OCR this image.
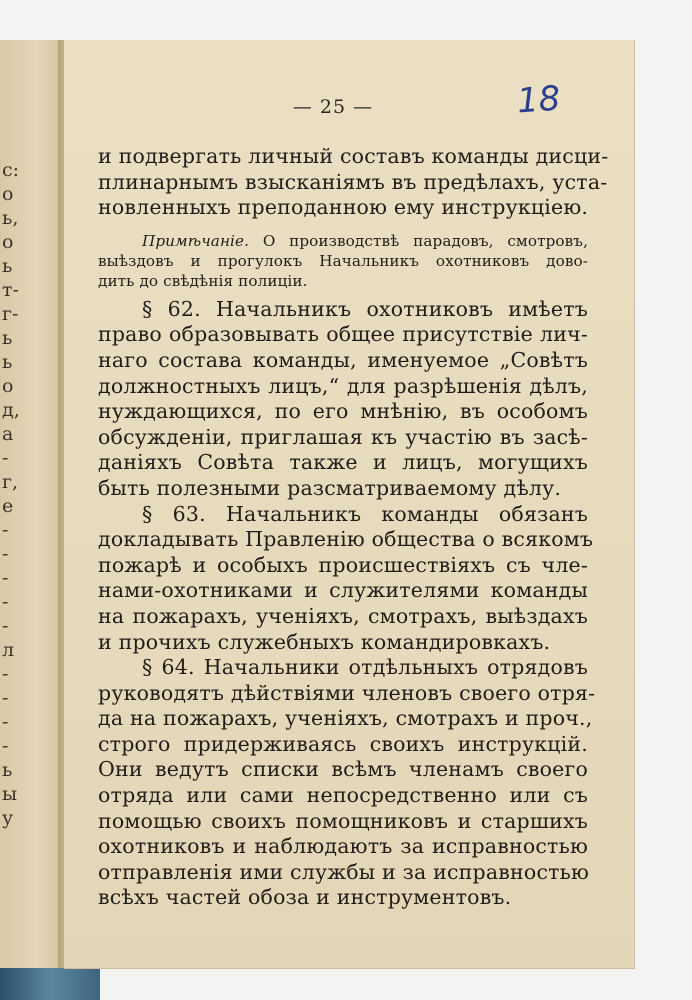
с:
о
ь,
о
ь
т-
г-
ь
ь
о
д,
а
-
г,
е
-
-
-
-
-
л
-
-
-
-
ь
ы
у
— 25 —	18
и подвергать личный составъ команды дисци-
плинарнымъ взысканiямъ въ предѣлахъ, уста-
новленныхъ преподанною ему инструкцiею.
Примѣчанiе. О производствѣ парадовъ, смотровъ,
выѣздовъ и прогулокъ Начальникъ охотниковъ дово-
дить до свѣдѣнiя полицiи.
§ 62. Начальникъ охотниковъ имѣетъ
право образовывать общее присутствiе лич-
наго состава команды, именуемое „Совѣтъ
должностныхъ лицъ,“ для разрѣшенiя дѣлъ,
нуждающихся, по его мнѣнiю, въ особомъ
обсужденiи, приглашая къ участiю въ засѣ-
данiяхъ Совѣта также и лицъ, могущихъ
быть полезными разсматриваемому дѣлу.
§ 63. Начальникъ команды обязанъ
докладывать Правленiю общества о всякомъ
пожарѣ и особыхъ происшествiяхъ съ чле-
нами-охотниками и служителями команды
на пожарахъ, ученiяхъ, смотрахъ, выѣздахъ
и прочихъ служебныхъ командировкахъ.
§ 64. Начальники отдѣльныхъ отрядовъ
руководятъ дѣйствiями членовъ своего отря-
да на пожарахъ, ученiяхъ, смотрахъ и проч.,
строго придерживаясь своихъ инструкцiй.
Они ведутъ списки всѣмъ членамъ своего
отряда или сами непосредственно или съ
помощью своихъ помощниковъ и старшихъ
охотниковъ и наблюдаютъ за исправностью
отправленiя ими службы и за исправностью
всѣхъ частей обоза и инструментовъ.
